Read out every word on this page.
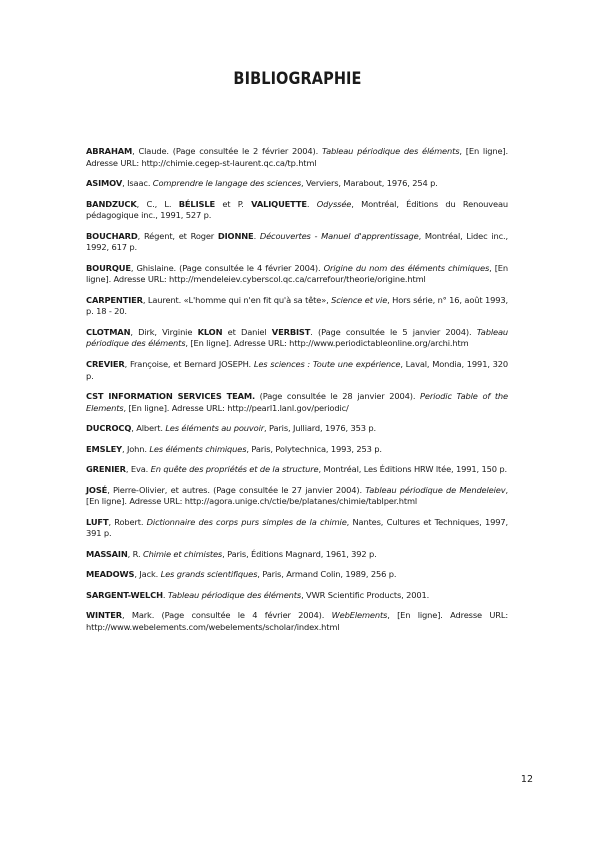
BIBLIOGRAPHIE

ABRAHAM, Claude. (Page consultée le 2 février 2004). Tableau périodique des éléments, [En ligne]. Adresse URL: http://chimie.cegep-st-laurent.qc.ca/tp.html

ASIMOV, Isaac. Comprendre le langage des sciences, Verviers, Marabout, 1976, 254 p.

BANDZUCK, C., L. BÉLISLE et P. VALIQUETTE. Odyssée, Montréal, Éditions du Renouveau pédagogique inc., 1991, 527 p.

BOUCHARD, Régent, et Roger DIONNE. Découvertes - Manuel d'apprentissage, Montréal, Lidec inc., 1992, 617 p.

BOURQUE, Ghislaine. (Page consultée le 4 février 2004). Origine du nom des éléments chimiques, [En ligne]. Adresse URL: http://mendeleiev.cyberscol.qc.ca/carrefour/theorie/origine.html

CARPENTIER, Laurent. «L'homme qui n'en fit qu'à sa tête», Science et vie, Hors série, n° 16, août 1993, p. 18 - 20.

CLOTMAN, Dirk, Virginie KLON et Daniel VERBIST. (Page consultée le 5 janvier 2004). Tableau périodique des éléments, [En ligne]. Adresse URL: http://www.periodictableonline.org/archi.htm

CREVIER, Françoise, et Bernard JOSEPH. Les sciences : Toute une expérience, Laval, Mondia, 1991, 320 p.

CST INFORMATION SERVICES TEAM. (Page consultée le 28 janvier 2004). Periodic Table of the Elements, [En ligne]. Adresse URL: http://pearl1.lanl.gov/periodic/

DUCROCQ, Albert. Les éléments au pouvoir, Paris, Julliard, 1976, 353 p.

EMSLEY, John. Les éléments chimiques, Paris, Polytechnica, 1993, 253 p.

GRENIER, Eva. En quête des propriétés et de la structure, Montréal, Les Éditions HRW ltée, 1991, 150 p.

JOSÉ, Pierre-Olivier, et autres. (Page consultée le 27 janvier 2004). Tableau périodique de Mendeleiev, [En ligne]. Adresse URL: http://agora.unige.ch/ctie/be/platanes/chimie/tablper.html

LUFT, Robert. Dictionnaire des corps purs simples de la chimie, Nantes, Cultures et Techniques, 1997, 391 p.

MASSAIN, R. Chimie et chimistes, Paris, Éditions Magnard, 1961, 392 p.

MEADOWS, Jack. Les grands scientifiques, Paris, Armand Colin, 1989, 256 p.

SARGENT-WELCH. Tableau périodique des éléments, VWR Scientific Products, 2001.

WINTER, Mark. (Page consultée le 4 février 2004). WebElements, [En ligne]. Adresse URL: http://www.webelements.com/webelements/scholar/index.html

12
